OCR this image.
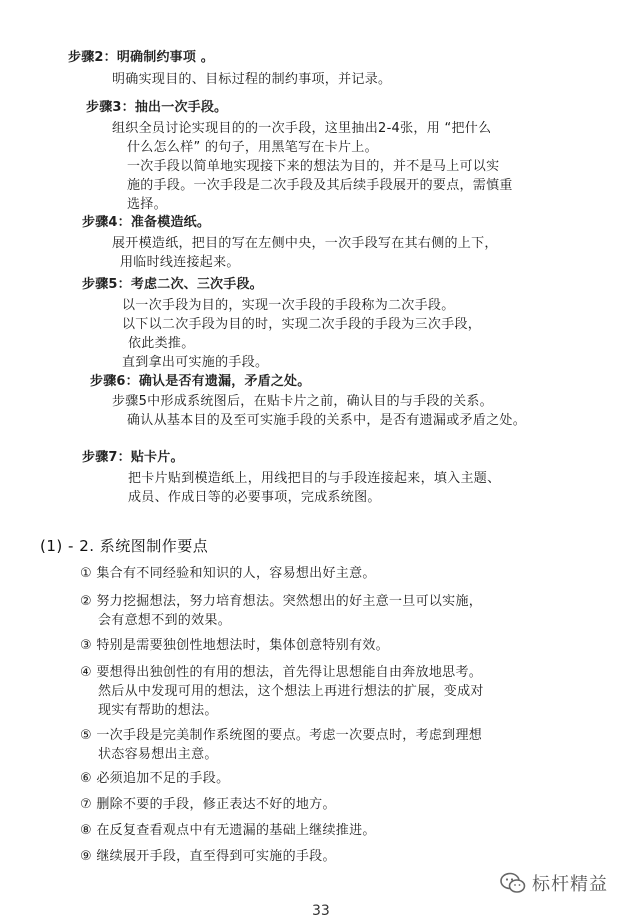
步骤2：明确制约事项 。
明确实现目的、目标过程的制约事项，并记录。
步骤3：抽出一次手段。
组织全员讨论实现目的的一次手段，这里抽出2-4张，用 “把什么
什么怎么样” 的句子，用黑笔写在卡片上。
一次手段以简单地实现接下来的想法为目的，并不是马上可以实
施的手段。一次手段是二次手段及其后续手段展开的要点，需慎重
选择。
步骤4：准备模造纸。
展开模造纸，把目的写在左侧中央，一次手段写在其右侧的上下，
用临时线连接起来。
步骤5：考虑二次、三次手段。
以一次手段为目的，实现一次手段的手段称为二次手段。
以下以二次手段为目的时，实现二次手段的手段为三次手段，
依此类推。
直到拿出可实施的手段。
步骤6：确认是否有遗漏，矛盾之处。
步骤5中形成系统图后，在贴卡片之前，确认目的与手段的关系。
确认从基本目的及至可实施手段的关系中，是否有遗漏或矛盾之处。
步骤7：贴卡片。
把卡片贴到模造纸上，用线把目的与手段连接起来，填入主题、
成员、作成日等的必要事项，完成系统图。
(1) - 2. 系统图制作要点
① 集合有不同经验和知识的人，容易想出好主意。
② 努力挖掘想法，努力培育想法。突然想出的好主意一旦可以实施，
会有意想不到的效果。
③ 特别是需要独创性地想法时，集体创意特别有效。
④ 要想得出独创性的有用的想法，首先得让思想能自由奔放地思考。
然后从中发现可用的想法，这个想法上再进行想法的扩展，变成对
现实有帮助的想法。
⑤ 一次手段是完美制作系统图的要点。考虑一次要点时，考虑到理想
状态容易想出主意。
⑥ 必须追加不足的手段。
⑦ 删除不要的手段，修正表达不好的地方。
⑧ 在反复查看观点中有无遗漏的基础上继续推进。
⑨ 继续展开手段，直至得到可实施的手段。
标杆精益
33
